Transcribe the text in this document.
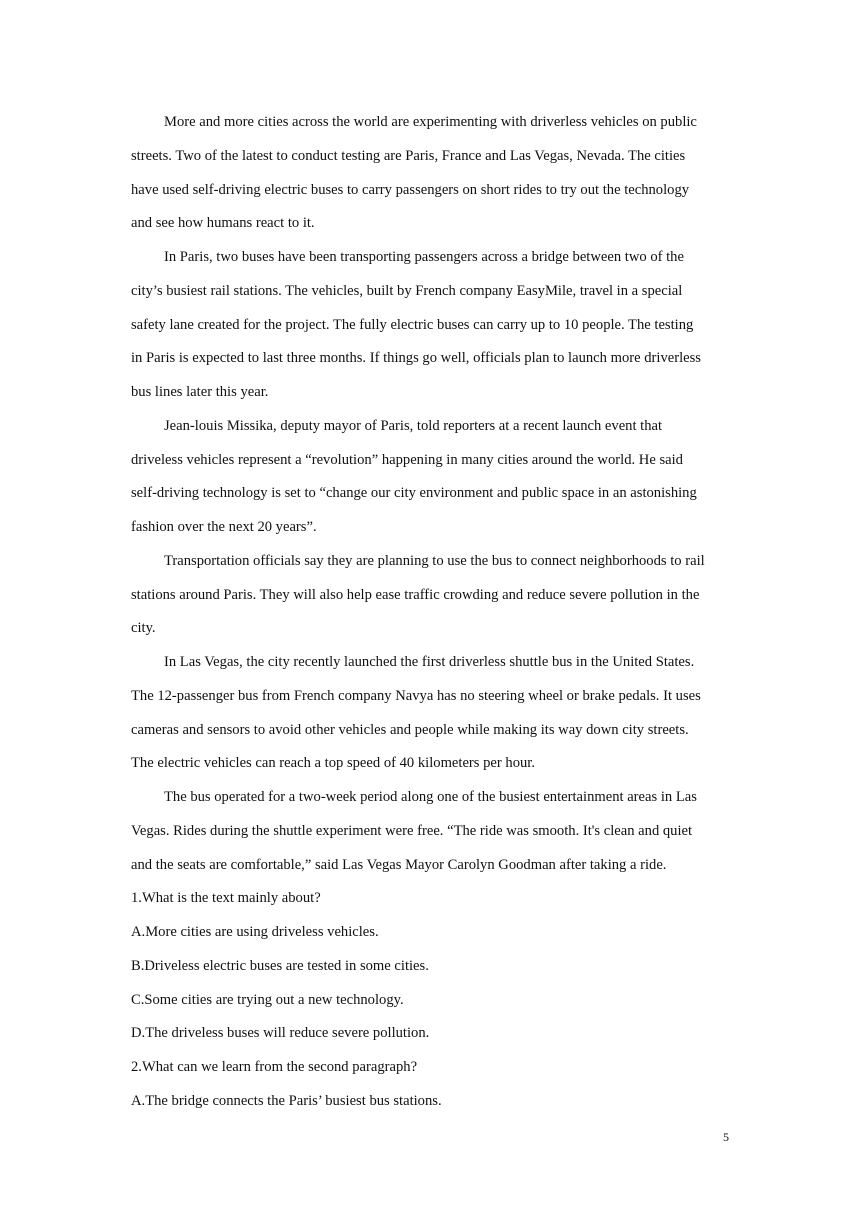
More and more cities across the world are experimenting with driverless vehicles on public
streets. Two of the latest to conduct testing are Paris, France and Las Vegas, Nevada. The cities
have used self-driving electric buses to carry passengers on short rides to try out the technology
and see how humans react to it.
In Paris, two buses have been transporting passengers across a bridge between two of the
city’s busiest rail stations. The vehicles, built by French company EasyMile, travel in a special
safety lane created for the project. The fully electric buses can carry up to 10 people. The testing
in Paris is expected to last three months. If things go well, officials plan to launch more driverless
bus lines later this year.
Jean-louis Missika, deputy mayor of Paris, told reporters at a recent launch event that
driveless vehicles represent a “revolution” happening in many cities around the world. He said
self-driving technology is set to “change our city environment and public space in an astonishing
fashion over the next 20 years”.
Transportation officials say they are planning to use the bus to connect neighborhoods to rail
stations around Paris. They will also help ease traffic crowding and reduce severe pollution in the
city.
In Las Vegas, the city recently launched the first driverless shuttle bus in the United States.
The 12-passenger bus from French company Navya has no steering wheel or brake pedals. It uses
cameras and sensors to avoid other vehicles and people while making its way down city streets.
The electric vehicles can reach a top speed of 40 kilometers per hour.
The bus operated for a two-week period along one of the busiest entertainment areas in Las
Vegas. Rides during the shuttle experiment were free. “The ride was smooth. It's clean and quiet
and the seats are comfortable,” said Las Vegas Mayor Carolyn Goodman after taking a ride.
1.What is the text mainly about?
A.More cities are using driveless vehicles.
B.Driveless electric buses are tested in some cities.
C.Some cities are trying out a new technology.
D.The driveless buses will reduce severe pollution.
2.What can we learn from the second paragraph?
A.The bridge connects the Paris’ busiest bus stations.
5
